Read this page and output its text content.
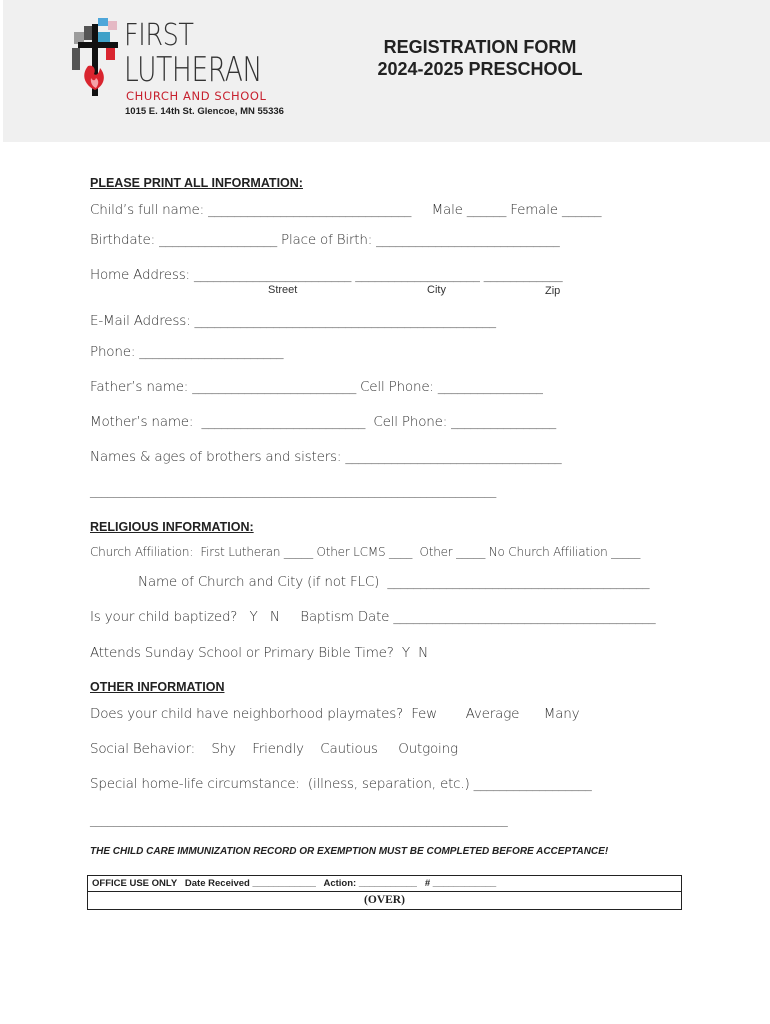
FIRST
LUTHERAN
CHURCH AND SCHOOL
1015 E. 14th St. Glencoe, MN 55336
REGISTRATION FORM
2024-2025 PRESCHOOL
PLEASE PRINT ALL INFORMATION:
Child’s full name: _______________________________     Male ______ Female ______
Birthdate: __________________ Place of Birth: ____________________________
Home Address: ________________________ ___________________ ____________
Street	City	Zip
E-Mail Address: ______________________________________________
Phone: ______________________
Father’s name: _________________________ Cell Phone: ________________
Mother’s name:  _________________________  Cell Phone: ________________
Names & ages of brothers and sisters: _________________________________
______________________________________________________________________
RELIGIOUS INFORMATION:
Church Affiliation:  First Lutheran _____ Other LCMS ____  Other _____ No Church Affiliation _____
Name of Church and City (if not FLC)  ________________________________________
Is your child baptized?   Y   N     Baptism Date ________________________________________
Attends Sunday School or Primary Bible Time?  Y  N
OTHER INFORMATION
Does your child have neighborhood playmates?  Few       Average      Many
Social Behavior:    Shy    Friendly    Cautious     Outgoing
Special home-life circumstance:  (illness, separation, etc.) __________________
________________________________________________________________________
THE CHILD CARE IMMUNIZATION RECORD OR EXEMPTION MUST BE COMPLETED BEFORE ACCEPTANCE!
OFFICE USE ONLY   Date Received ____________   Action: ___________   # ____________
(OVER)
